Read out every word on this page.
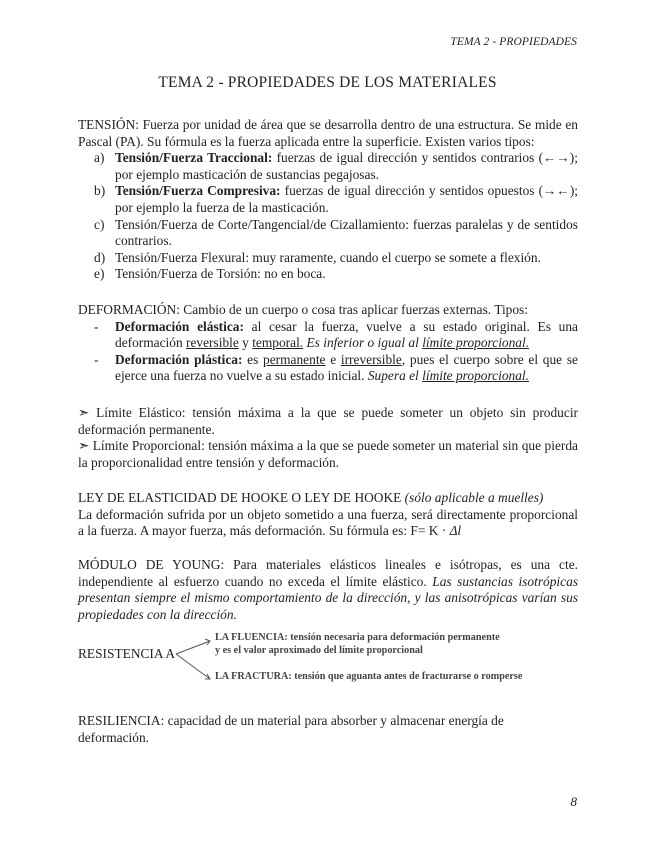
TEMA 2 - PROPIEDADES
TEMA 2 - PROPIEDADES DE LOS MATERIALES
TENSIÓN: Fuerza por unidad de área que se desarrolla dentro de una estructura. Se mide en Pascal (PA). Su fórmula es la fuerza aplicada entre la superficie. Existen varios tipos:
a) Tensión/Fuerza Traccional: fuerzas de igual dirección y sentidos contrarios (←→); por ejemplo masticación de sustancias pegajosas.
b) Tensión/Fuerza Compresiva: fuerzas de igual dirección y sentidos opuestos (→←); por ejemplo la fuerza de la masticación.
c) Tensión/Fuerza de Corte/Tangencial/de Cizallamiento: fuerzas paralelas y de sentidos contrarios.
d) Tensión/Fuerza Flexural: muy raramente, cuando el cuerpo se somete a flexión.
e) Tensión/Fuerza de Torsión: no en boca.
DEFORMACIÓN: Cambio de un cuerpo o cosa tras aplicar fuerzas externas. Tipos:
- Deformación elástica: al cesar la fuerza, vuelve a su estado original. Es una deformación reversible y temporal. Es inferior o igual al límite proporcional.
- Deformación plástica: es permanente e irreversible, pues el cuerpo sobre el que se ejerce una fuerza no vuelve a su estado inicial. Supera el límite proporcional.
➣ Límite Elástico: tensión máxima a la que se puede someter un objeto sin producir deformación permanente.
➣ Límite Proporcional: tensión máxima a la que se puede someter un material sin que pierda la proporcionalidad entre tensión y deformación.
LEY DE ELASTICIDAD DE HOOKE O LEY DE HOOKE (sólo aplicable a muelles)
La deformación sufrida por un objeto sometido a una fuerza, será directamente proporcional a la fuerza. A mayor fuerza, más deformación. Su fórmula es: F= K · Δl
MÓDULO DE YOUNG: Para materiales elásticos lineales e isótropas, es una cte. independiente al esfuerzo cuando no exceda el límite elástico. Las sustancias isotrópicas presentan siempre el mismo comportamiento de la dirección, y las anisotrópicas varían sus propiedades con la dirección.
RESISTENCIA A
LA FLUENCIA: tensión necesaria para deformación permanente y es el valor aproximado del límite proporcional
LA FRACTURA: tensión que aguanta antes de fracturarse o romperse
RESILIENCIA: capacidad de un material para absorber y almacenar energía de deformación.
8
